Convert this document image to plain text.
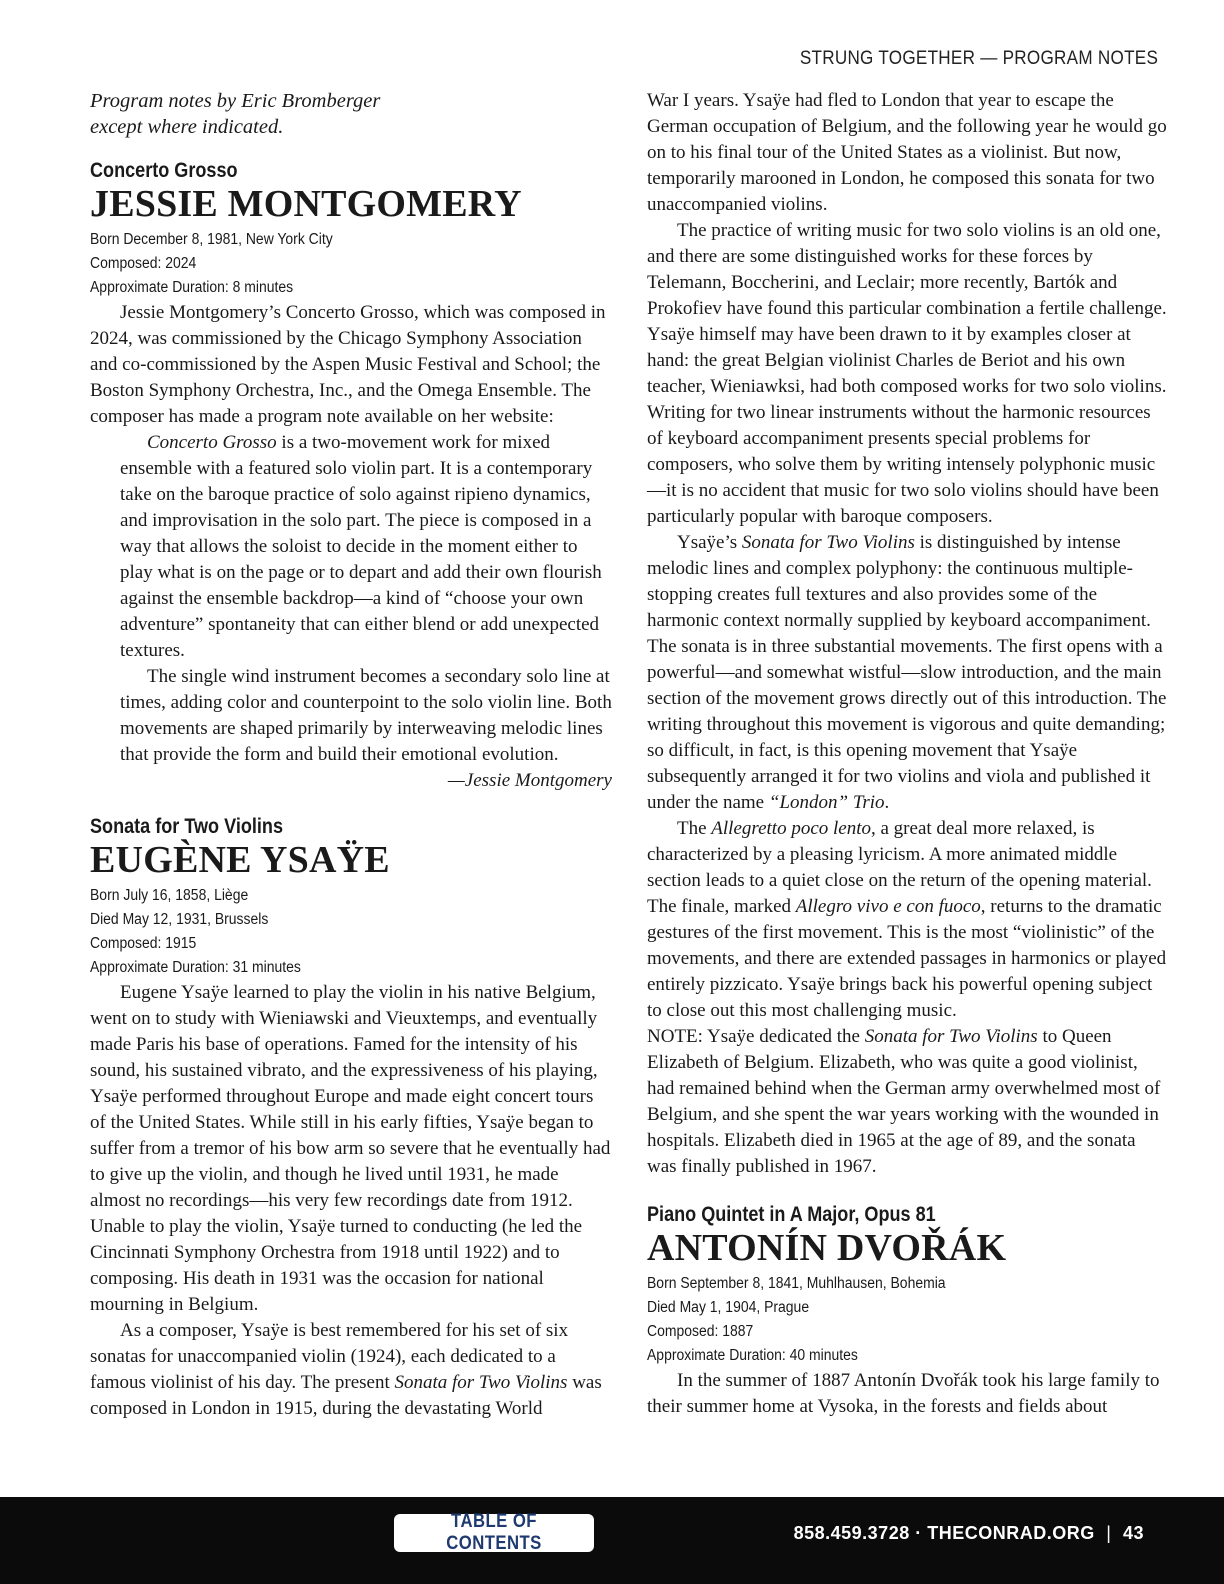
STRUNG TOGETHER — PROGRAM NOTES
Program notes by Eric Bromberger
except where indicated.
Concerto Grosso
JESSIE MONTGOMERY

Born December 8, 1981, New York City

Composed: 2024

Approximate Duration: 8 minutes

Jessie Montgomery’s Concerto Grosso, which was composed in 2024, was commissioned by the Chicago Symphony Association and co-commissioned by the Aspen Music Festival and School; the Boston Symphony Orchestra, Inc., and the Omega Ensemble. The composer has made a program note available on her website:

Concerto Grosso is a two-movement work for mixed ensemble with a featured solo violin part. It is a contemporary take on the baroque practice of solo against ripieno dynamics, and improvisation in the solo part. The piece is composed in a way that allows the soloist to decide in the moment either to play what is on the page or to depart and add their own flourish against the ensemble backdrop—a kind of “choose your own adventure” spontaneity that can either blend or add unexpected textures.

The single wind instrument becomes a secondary solo line at times, adding color and counterpoint to the solo violin line. Both movements are shaped primarily by interweaving melodic lines that provide the form and build their emotional evolution.

—Jessie Montgomery

Sonata for Two Violins
EUGÈNE YSAŸE

Born July 16, 1858, Liège

Died May 12, 1931, Brussels

Composed: 1915

Approximate Duration: 31 minutes

Eugene Ysaÿe learned to play the violin in his native Belgium, went on to study with Wieniawski and Vieuxtemps, and eventually made Paris his base of operations. Famed for the intensity of his sound, his sustained vibrato, and the expressiveness of his playing, Ysaÿe performed throughout Europe and made eight concert tours of the United States. While still in his early fifties, Ysaÿe began to suffer from a tremor of his bow arm so severe that he eventually had to give up the violin, and though he lived until 1931, he made almost no recordings—his very few recordings date from 1912. Unable to play the violin, Ysaÿe turned to conducting (he led the Cincinnati Symphony Orchestra from 1918 until 1922) and to composing. His death in 1931 was the occasion for national mourning in Belgium.

As a composer, Ysaÿe is best remembered for his set of six sonatas for unaccompanied violin (1924), each dedicated to a famous violinist of his day. The present Sonata for Two Violins was composed in London in 1915, during the devastating World

War I years. Ysaÿe had fled to London that year to escape the German occupation of Belgium, and the following year he would go on to his final tour of the United States as a violinist. But now, temporarily marooned in London, he composed this sonata for two unaccompanied violins.

The practice of writing music for two solo violins is an old one, and there are some distinguished works for these forces by Telemann, Boccherini, and Leclair; more recently, Bartók and Prokofiev have found this particular combination a fertile challenge. Ysaÿe himself may have been drawn to it by examples closer at hand: the great Belgian violinist Charles de Beriot and his own teacher, Wieniawksi, had both composed works for two solo violins. Writing for two linear instruments without the harmonic resources of keyboard accompaniment presents special problems for composers, who solve them by writing intensely polyphonic music—it is no accident that music for two solo violins should have been particularly popular with baroque composers.

Ysaÿe’s Sonata for Two Violins is distinguished by intense melodic lines and complex polyphony: the continuous multiple-stopping creates full textures and also provides some of the harmonic context normally supplied by keyboard accompaniment. The sonata is in three substantial movements. The first opens with a powerful—and somewhat wistful—slow introduction, and the main section of the movement grows directly out of this introduction. The writing throughout this movement is vigorous and quite demanding; so difficult, in fact, is this opening movement that Ysaÿe subsequently arranged it for two violins and viola and published it under the name “London” Trio.

The Allegretto poco lento, a great deal more relaxed, is characterized by a pleasing lyricism. A more animated middle section leads to a quiet close on the return of the opening material. The finale, marked Allegro vivo e con fuoco, returns to the dramatic gestures of the first movement. This is the most “violinistic” of the movements, and there are extended passages in harmonics or played entirely pizzicato. Ysaÿe brings back his powerful opening subject to close out this most challenging music.

NOTE: Ysaÿe dedicated the Sonata for Two Violins to Queen Elizabeth of Belgium. Elizabeth, who was quite a good violinist, had remained behind when the German army overwhelmed most of Belgium, and she spent the war years working with the wounded in hospitals. Elizabeth died in 1965 at the age of 89, and the sonata was finally published in 1967.

Piano Quintet in A Major, Opus 81
ANTONÍN DVOŘÁK

Born September 8, 1841, Muhlhausen, Bohemia

Died May 1, 1904, Prague

Composed: 1887

Approximate Duration: 40 minutes

In the summer of 1887 Antonín Dvořák took his large family to their summer home at Vysoka, in the forests and fields about

TABLE OF CONTENTS	858.459.3728 · THECONRAD.ORG | 43
